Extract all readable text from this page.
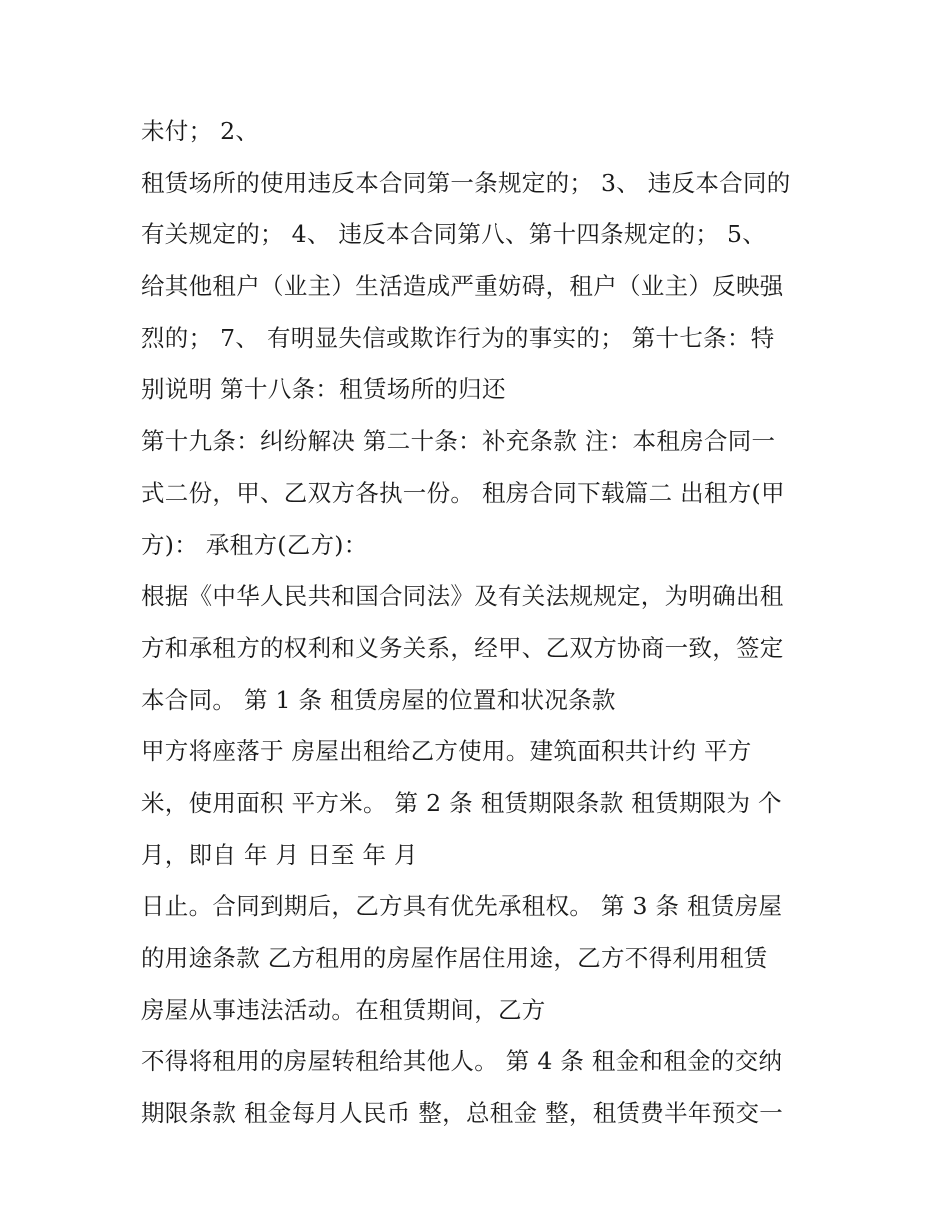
未付； 2、
租赁场所的使用违反本合同第一条规定的； 3、 违反本合同的
有关规定的； 4、 违反本合同第八、第十四条规定的； 5、
给其他租户（业主）生活造成严重妨碍，租户（业主）反映强
烈的； 7、 有明显失信或欺诈行为的事实的； 第十七条：特
别说明 第十八条：租赁场所的归还
第十九条：纠纷解决 第二十条：补充条款 注：本租房合同一
式二份，甲、乙双方各执一份。 租房合同下载篇二 出租方(甲
方)： 承租方(乙方)：
根据《中华人民共和国合同法》及有关法规规定，为明确出租
方和承租方的权利和义务关系，经甲、乙双方协商一致，签定
本合同。 第 1 条 租赁房屋的位置和状况条款
甲方将座落于 房屋出租给乙方使用。建筑面积共计约 平方
米，使用面积 平方米。 第 2 条 租赁期限条款 租赁期限为 个
月，即自 年 月 日至 年 月
日止。合同到期后，乙方具有优先承租权。 第 3 条 租赁房屋
的用途条款 乙方租用的房屋作居住用途，乙方不得利用租赁
房屋从事违法活动。在租赁期间，乙方
不得将租用的房屋转租给其他人。 第 4 条 租金和租金的交纳
期限条款 租金每月人民币 整，总租金 整，租赁费半年预交一
